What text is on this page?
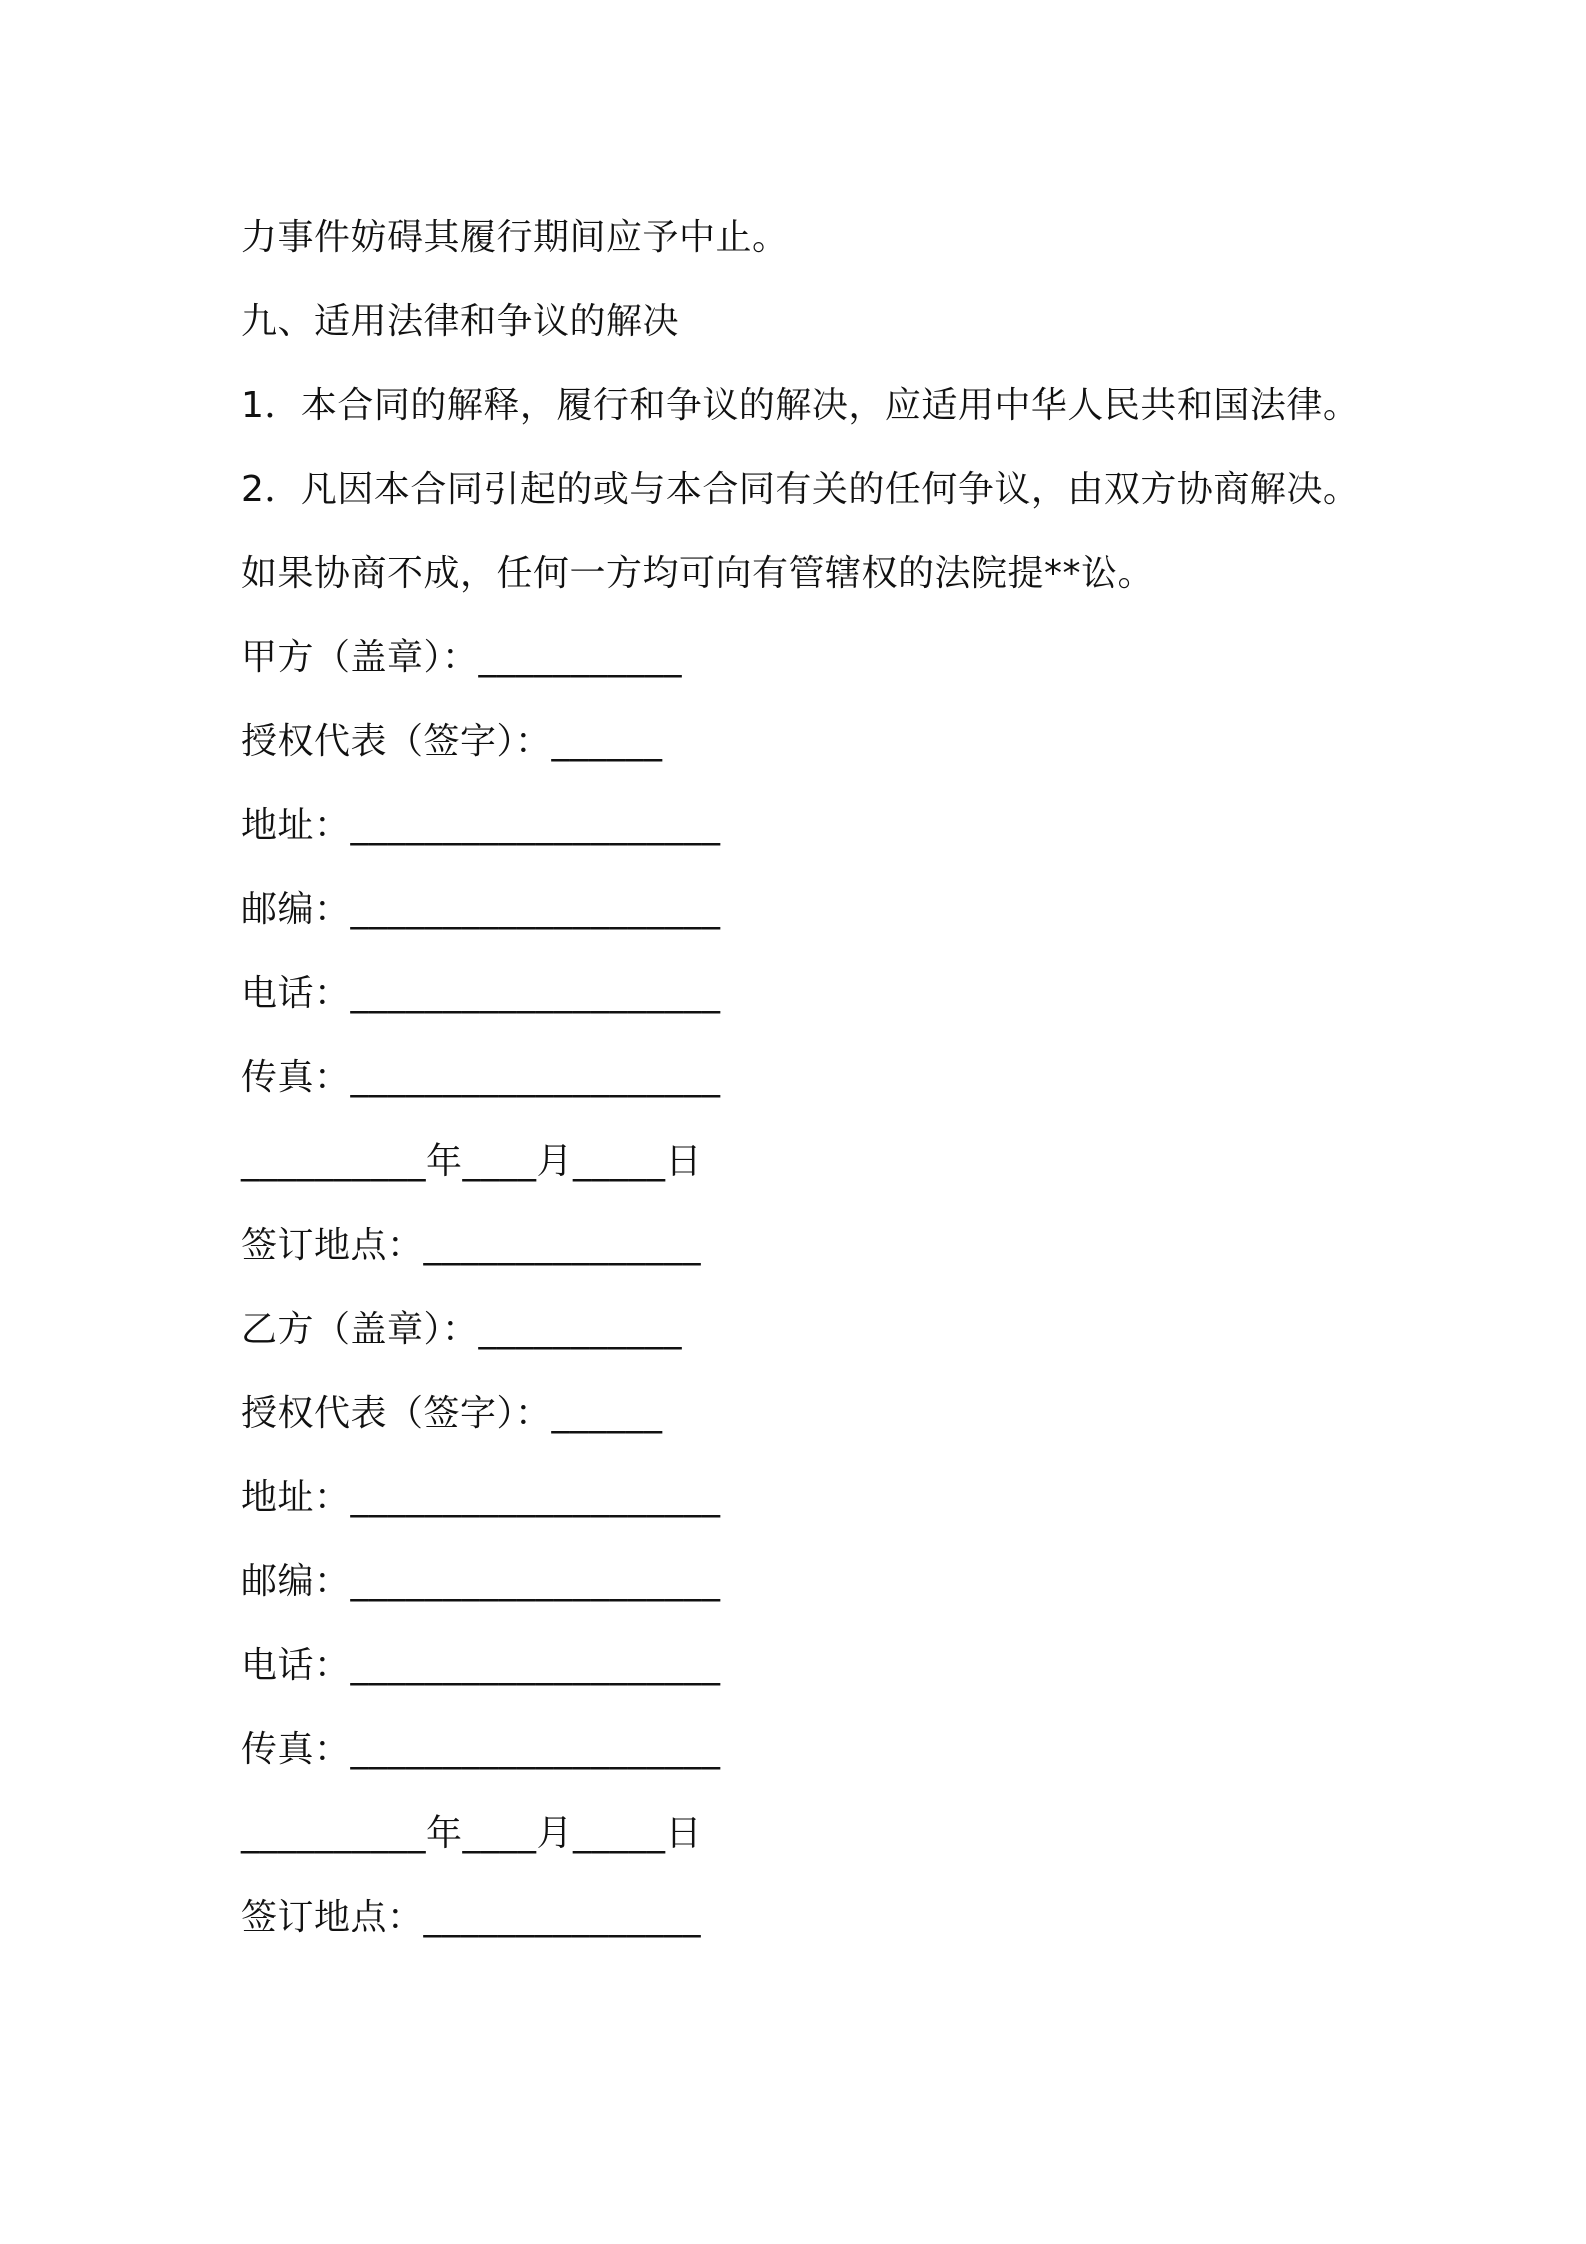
力事件妨碍其履行期间应予中止。
九、适用法律和争议的解决
1．本合同的解释，履行和争议的解决，应适用中华人民共和国法律。
2．凡因本合同引起的或与本合同有关的任何争议，由双方协商解决。
如果协商不成，任何一方均可向有管辖权的法院提**讼。
甲方（盖章）：___________
授权代表（签字）：______
地址：____________________
邮编：____________________
电话：____________________
传真：____________________
__________年____月_____日
签订地点：_______________
乙方（盖章）：___________
授权代表（签字）：______
地址：____________________
邮编：____________________
电话：____________________
传真：____________________
__________年____月_____日
签订地点：_______________
